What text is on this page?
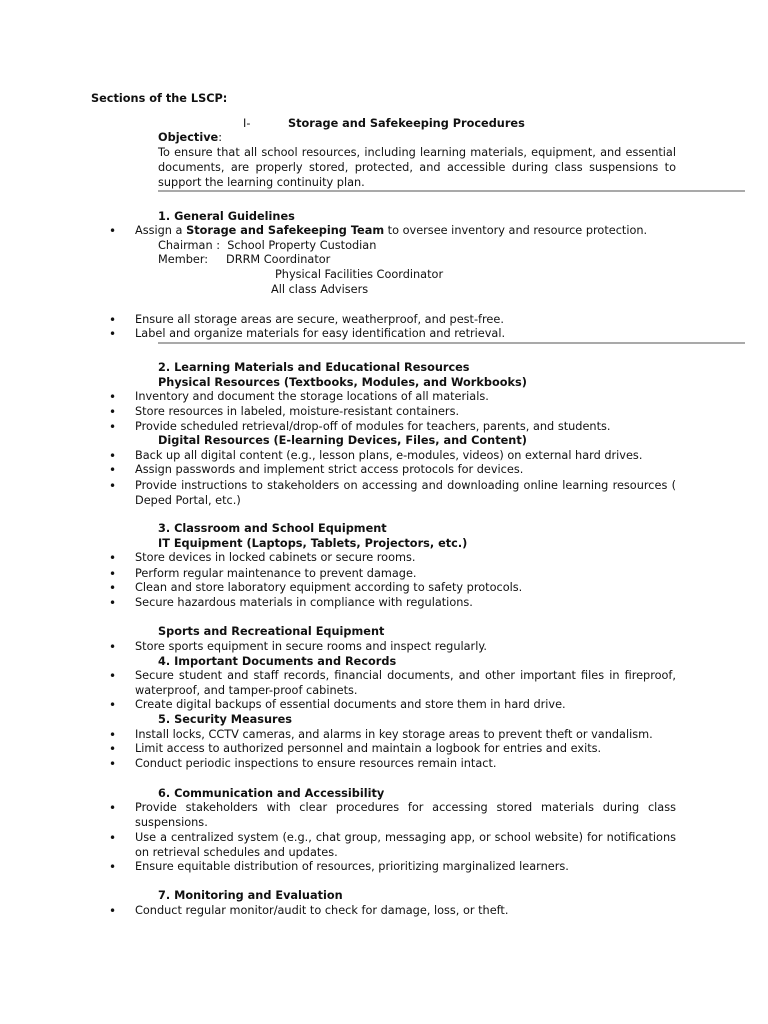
Sections of the LSCP:
I-	Storage and Safekeeping Procedures
Objective:
To ensure that all school resources, including learning materials, equipment, and essential documents, are properly stored, protected, and accessible during class suspensions to support the learning continuity plan.
1. General Guidelines
• Assign a Storage and Safekeeping Team to oversee inventory and resource protection.
Chairman :  School Property Custodian
Member:     DRRM Coordinator
Physical Facilities Coordinator
All class Advisers
• Ensure all storage areas are secure, weatherproof, and pest-free.
• Label and organize materials for easy identification and retrieval.
2. Learning Materials and Educational Resources
Physical Resources (Textbooks, Modules, and Workbooks)
• Inventory and document the storage locations of all materials.
• Store resources in labeled, moisture-resistant containers.
• Provide scheduled retrieval/drop-off of modules for teachers, parents, and students.
Digital Resources (E-learning Devices, Files, and Content)
• Back up all digital content (e.g., lesson plans, e-modules, videos) on external hard drives.
• Assign passwords and implement strict access protocols for devices.
• Provide instructions to stakeholders on accessing and downloading online learning resources ( Deped Portal, etc.)
3. Classroom and School Equipment
IT Equipment (Laptops, Tablets, Projectors, etc.)
• Store devices in locked cabinets or secure rooms.
• Perform regular maintenance to prevent damage.
• Clean and store laboratory equipment according to safety protocols.
• Secure hazardous materials in compliance with regulations.
Sports and Recreational Equipment
• Store sports equipment in secure rooms and inspect regularly.
4. Important Documents and Records
• Secure student and staff records, financial documents, and other important files in fireproof, waterproof, and tamper-proof cabinets.
• Create digital backups of essential documents and store them in hard drive.
5. Security Measures
• Install locks, CCTV cameras, and alarms in key storage areas to prevent theft or vandalism.
• Limit access to authorized personnel and maintain a logbook for entries and exits.
• Conduct periodic inspections to ensure resources remain intact.
6. Communication and Accessibility
• Provide stakeholders with clear procedures for accessing stored materials during class suspensions.
• Use a centralized system (e.g., chat group, messaging app, or school website) for notifications on retrieval schedules and updates.
• Ensure equitable distribution of resources, prioritizing marginalized learners.
7. Monitoring and Evaluation
• Conduct regular monitor/audit to check for damage, loss, or theft.
